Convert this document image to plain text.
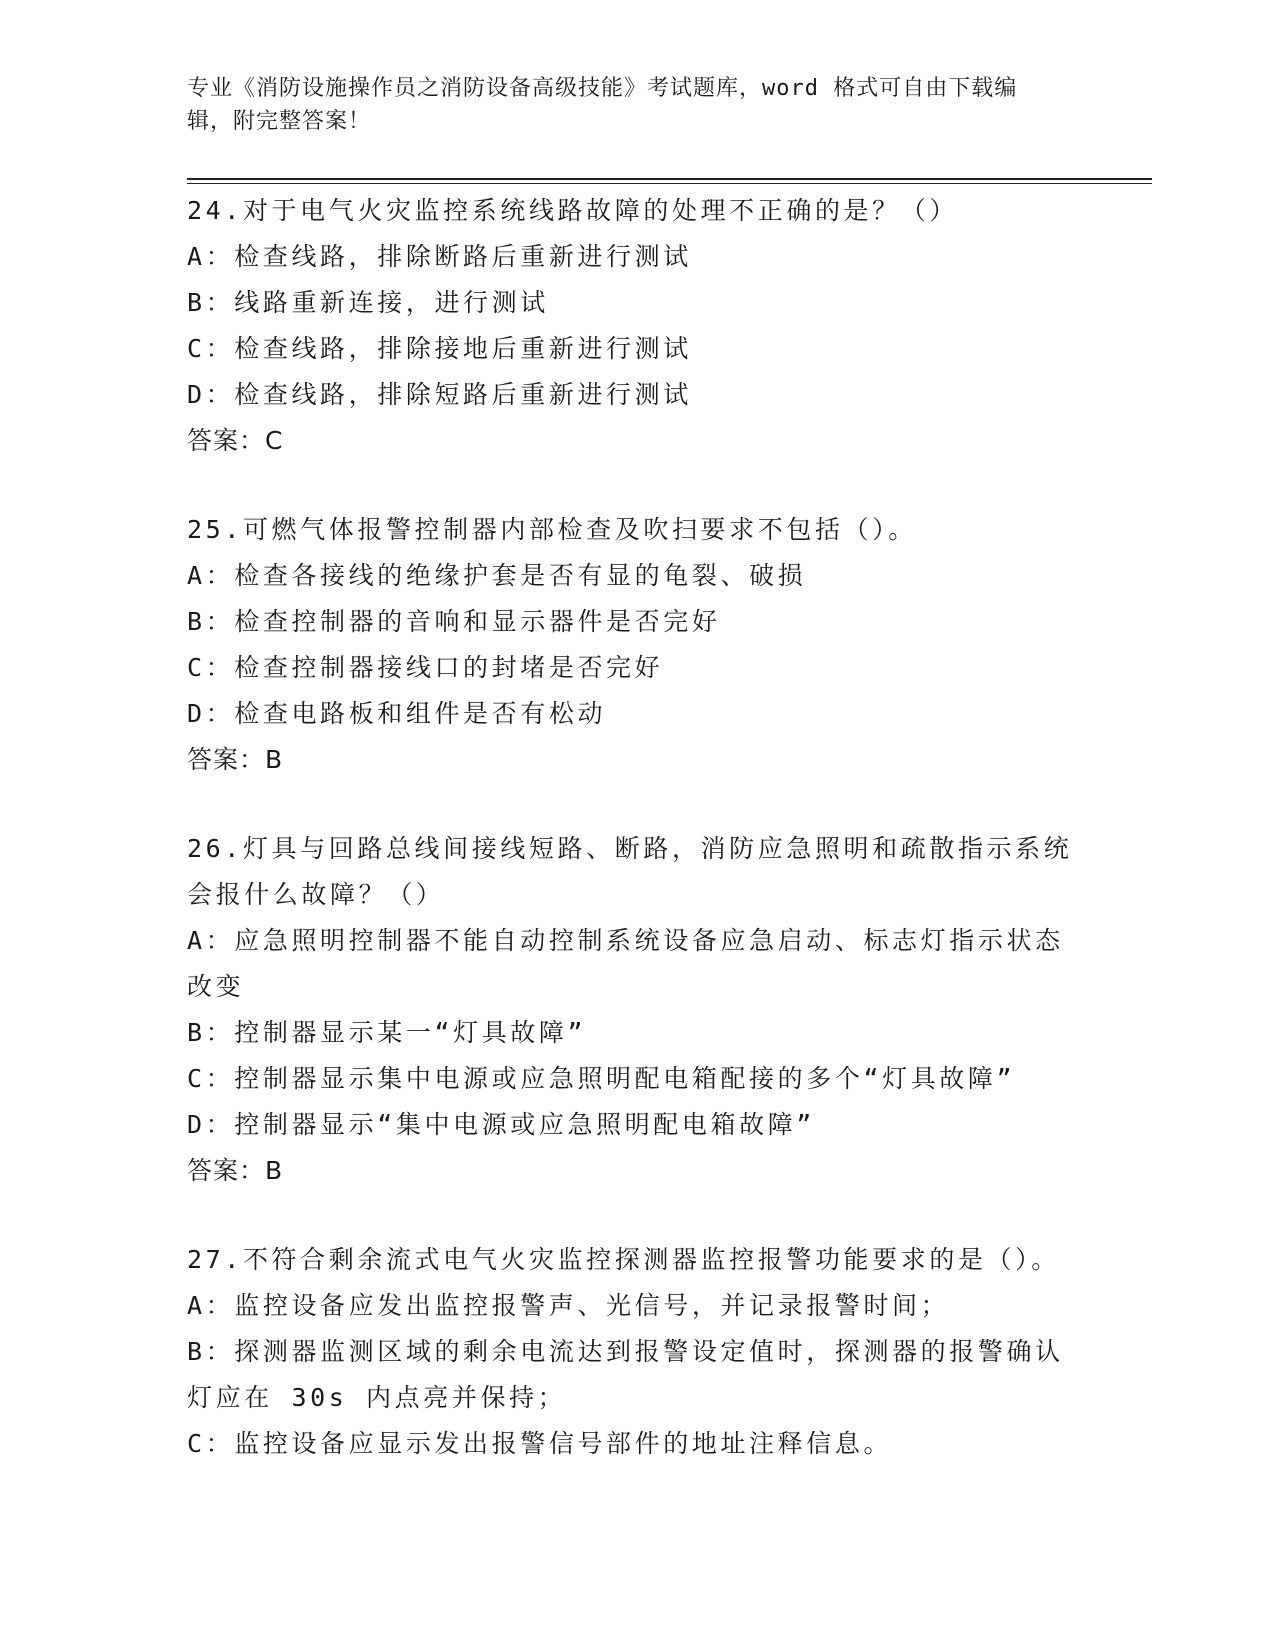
专业《消防设施操作员之消防设备高级技能》考试题库，word 格式可自由下载编
辑，附完整答案！
24.对于电气火灾监控系统线路故障的处理不正确的是？（）
A：检查线路，排除断路后重新进行测试
B：线路重新连接，进行测试
C：检查线路，排除接地后重新进行测试
D：检查线路，排除短路后重新进行测试
答案：C
25.可燃气体报警控制器内部检查及吹扫要求不包括（）。
A：检查各接线的绝缘护套是否有显的龟裂、破损
B：检查控制器的音响和显示器件是否完好
C：检查控制器接线口的封堵是否完好
D：检查电路板和组件是否有松动
答案：B
26.灯具与回路总线间接线短路、断路，消防应急照明和疏散指示系统
会报什么故障？（）
A：应急照明控制器不能自动控制系统设备应急启动、标志灯指示状态
改变
B：控制器显示某一“灯具故障”
C：控制器显示集中电源或应急照明配电箱配接的多个“灯具故障”
D：控制器显示“集中电源或应急照明配电箱故障”
答案：B
27.不符合剩余流式电气火灾监控探测器监控报警功能要求的是（）。
A：监控设备应发出监控报警声、光信号，并记录报警时间；
B：探测器监测区域的剩余电流达到报警设定值时，探测器的报警确认
灯应在 30s 内点亮并保持；
C：监控设备应显示发出报警信号部件的地址注释信息。
